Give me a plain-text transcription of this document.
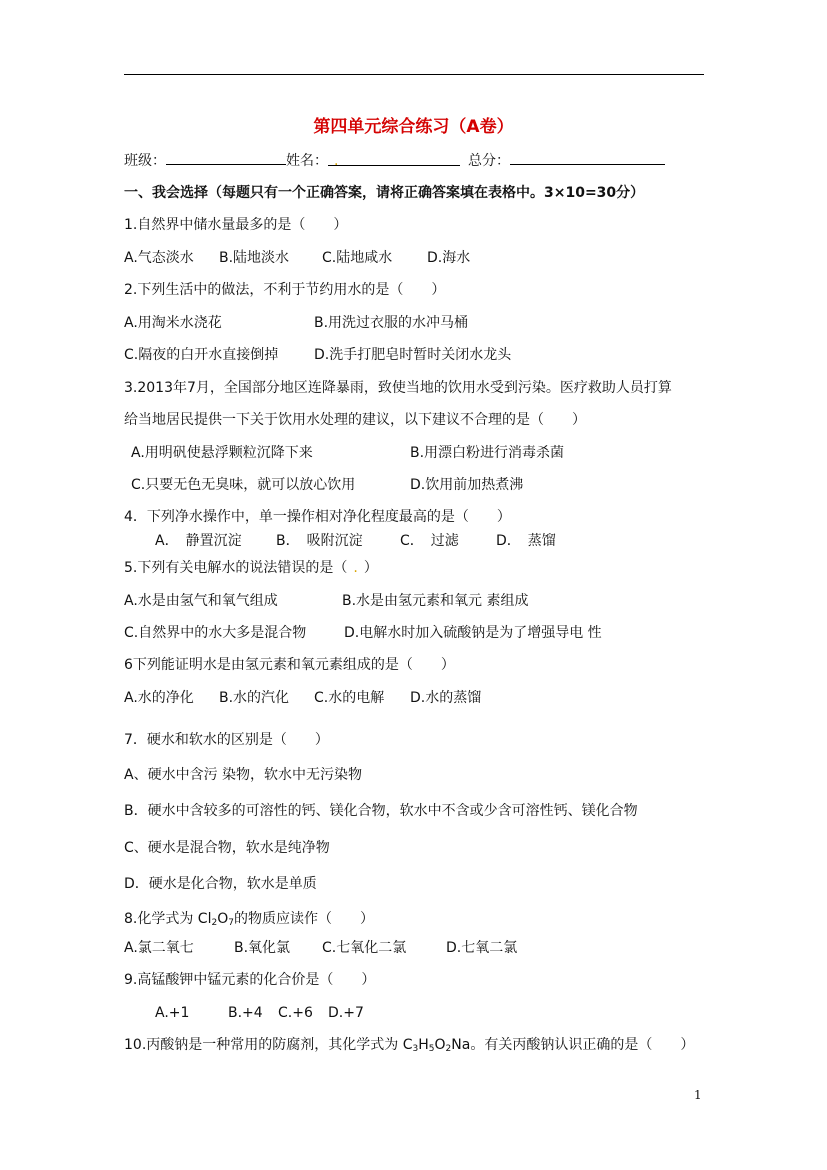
第四单元综合练习（A卷）
班级：	姓名： .	总分：
一、我会选择（每题只有一个正确答案，请将正确答案填在表格中。3×10=30分）
1.自然界中储水量最多的是（　　）
A.气态淡水 B.陆地淡水 C.陆地咸水 D.海水
2.下列生活中的做法，不利于节约用水的是（　　）
A.用淘米水浇花	B.用洗过衣服的水冲马桶
C.隔夜的白开水直接倒掉	D.洗手打肥皂时暂时关闭水龙头
3.2013年7月，全国部分地区连降暴雨，致使当地的饮用水受到污染。医疗救助人员打算
给当地居民提供一下关于饮用水处理的建议，以下建议不合理的是（　　）
A.用明矾使悬浮颗粒沉降下来	B.用漂白粉进行消毒杀菌
C.只要无色无臭味，就可以放心饮用	D.饮用前加热煮沸
4．下列净水操作中，单一操作相对净化程度最高的是（　　）
A．　静置沉淀 B．　吸附沉淀	C．　过滤	D．　蒸馏
5.下列有关电解水的说法错误的是（ . ）
A.水是由氢气和氧气组成	B.水是由氢元素和氧元 素组成
C.自然界中的水大多是混合物	D.电解水时加入硫酸钠是为了增强导电 性
6下列能证明水是由氢元素和氧元素组成的是（　　）
A.水的净化 B.水的汽化 C.水的电解 D.水的蒸馏
7．硬水和软水的区别是（　　）
A、硬水中含污 染物，软水中无污染物
B．硬水中含较多的可溶性的钙、镁化合物，软水中不含或少含可溶性钙、镁化合物
C、硬水是混合物，软水是纯净物
D．硬水是化合物，软水是单质
8.化学式为 $Cl_2O_7$的物质应读作（　　）
A.氯二氧七	B.氧化氯 C.七氧化二氯	D.七氧二氯
9.高锰酸钾中锰元素的化合价是（　　）
A.+1	B.+4 C.+6 D.+7
10.丙酸钠是一种常用的防腐剂，其化学式为 $C_3H_5O_2Na$。有关丙酸钠认识正确的是（　　）
1
